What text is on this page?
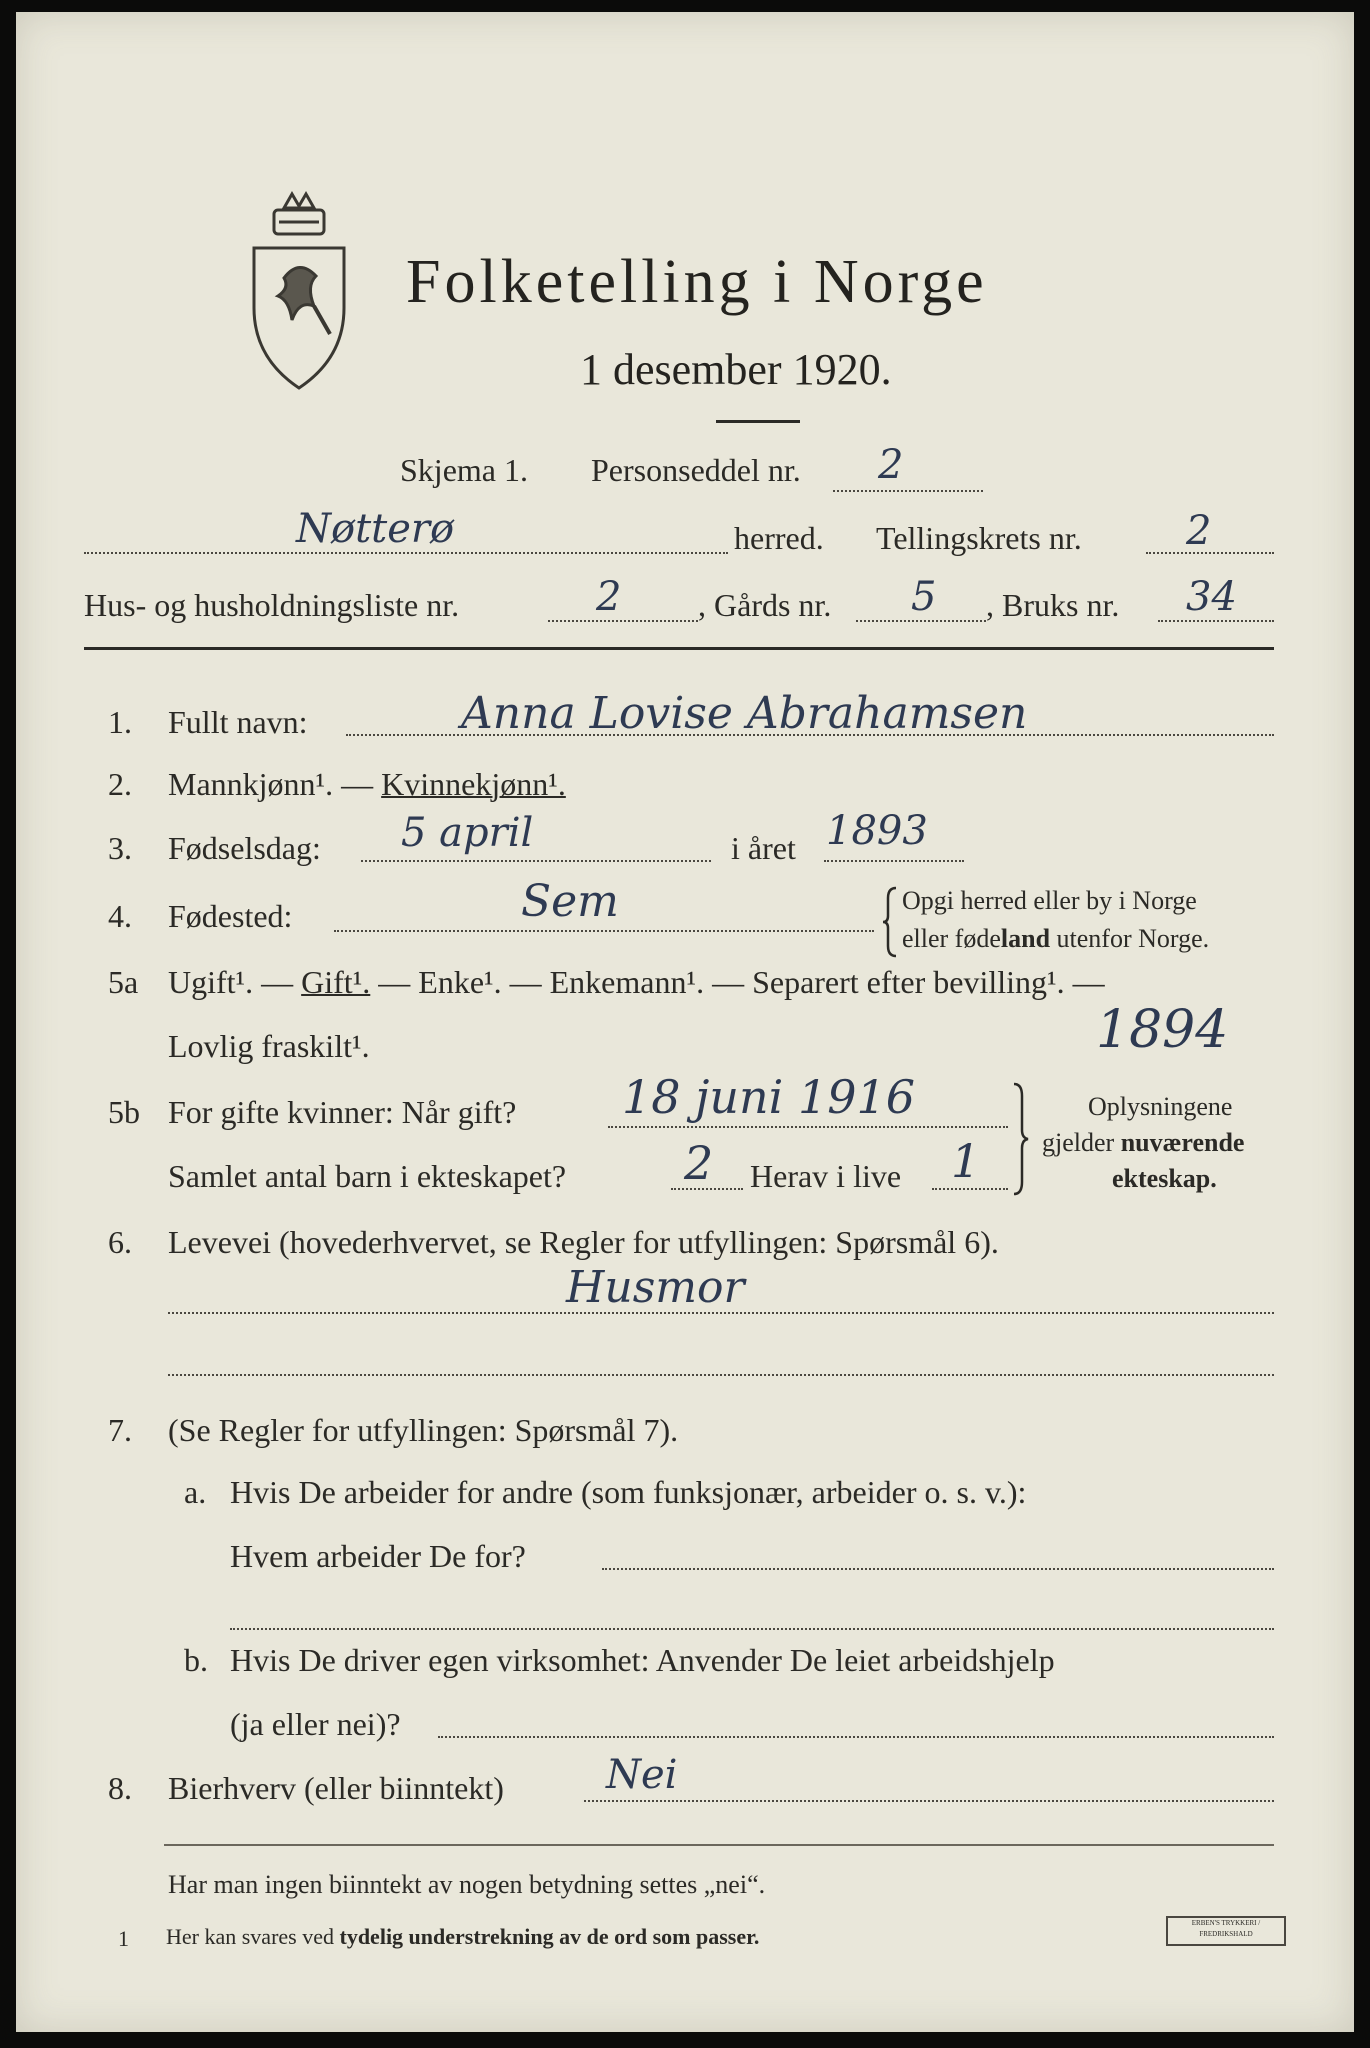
Folketelling i Norge
1 desember 1920.
Skjema 1. Personseddel nr. 2
Nøtterø	herred. Tellingskrets nr.	2
Hus- og husholdningsliste nr.	2 , Gårds nr. 5 , Bruks nr. 34
1. Fullt navn:	Anna Lovise Abrahamsen
2. Mannkjønn¹. — Kvinnekjønn¹.
3. Fødselsdag: 5 april	i året 1893
4. Fødested:	Sem	Opgi herred eller by i Norge
eller fødeland utenfor Norge.
5a Ugift¹. — Gift¹. — Enke¹. — Enkemann¹. — Separert efter bevilling¹. —
Lovlig fraskilt¹.	1894
5b For gifte kvinner: Når gift? 18 juni 1916
Samlet antal barn i ekteskapet?	2 Herav i live 1
Oplysningene
gjelder nuværende
ekteskap.
6. Levevei (hovederhvervet, se Regler for utfyllingen: Spørsmål 6).
Husmor
7. (Se Regler for utfyllingen: Spørsmål 7).
a. Hvis De arbeider for andre (som funksjonær, arbeider o. s. v.):
Hvem arbeider De for?
b. Hvis De driver egen virksomhet: Anvender De leiet arbeidshjelp
(ja eller nei)?
8. Bierhverv (eller biinntekt)	Nei
Har man ingen biinntekt av nogen betydning settes „nei“.
1 Her kan svares ved tydelig understrekning av de ord som passer.
ERBEN'S TRYKKERI / FREDRIKSHALD
